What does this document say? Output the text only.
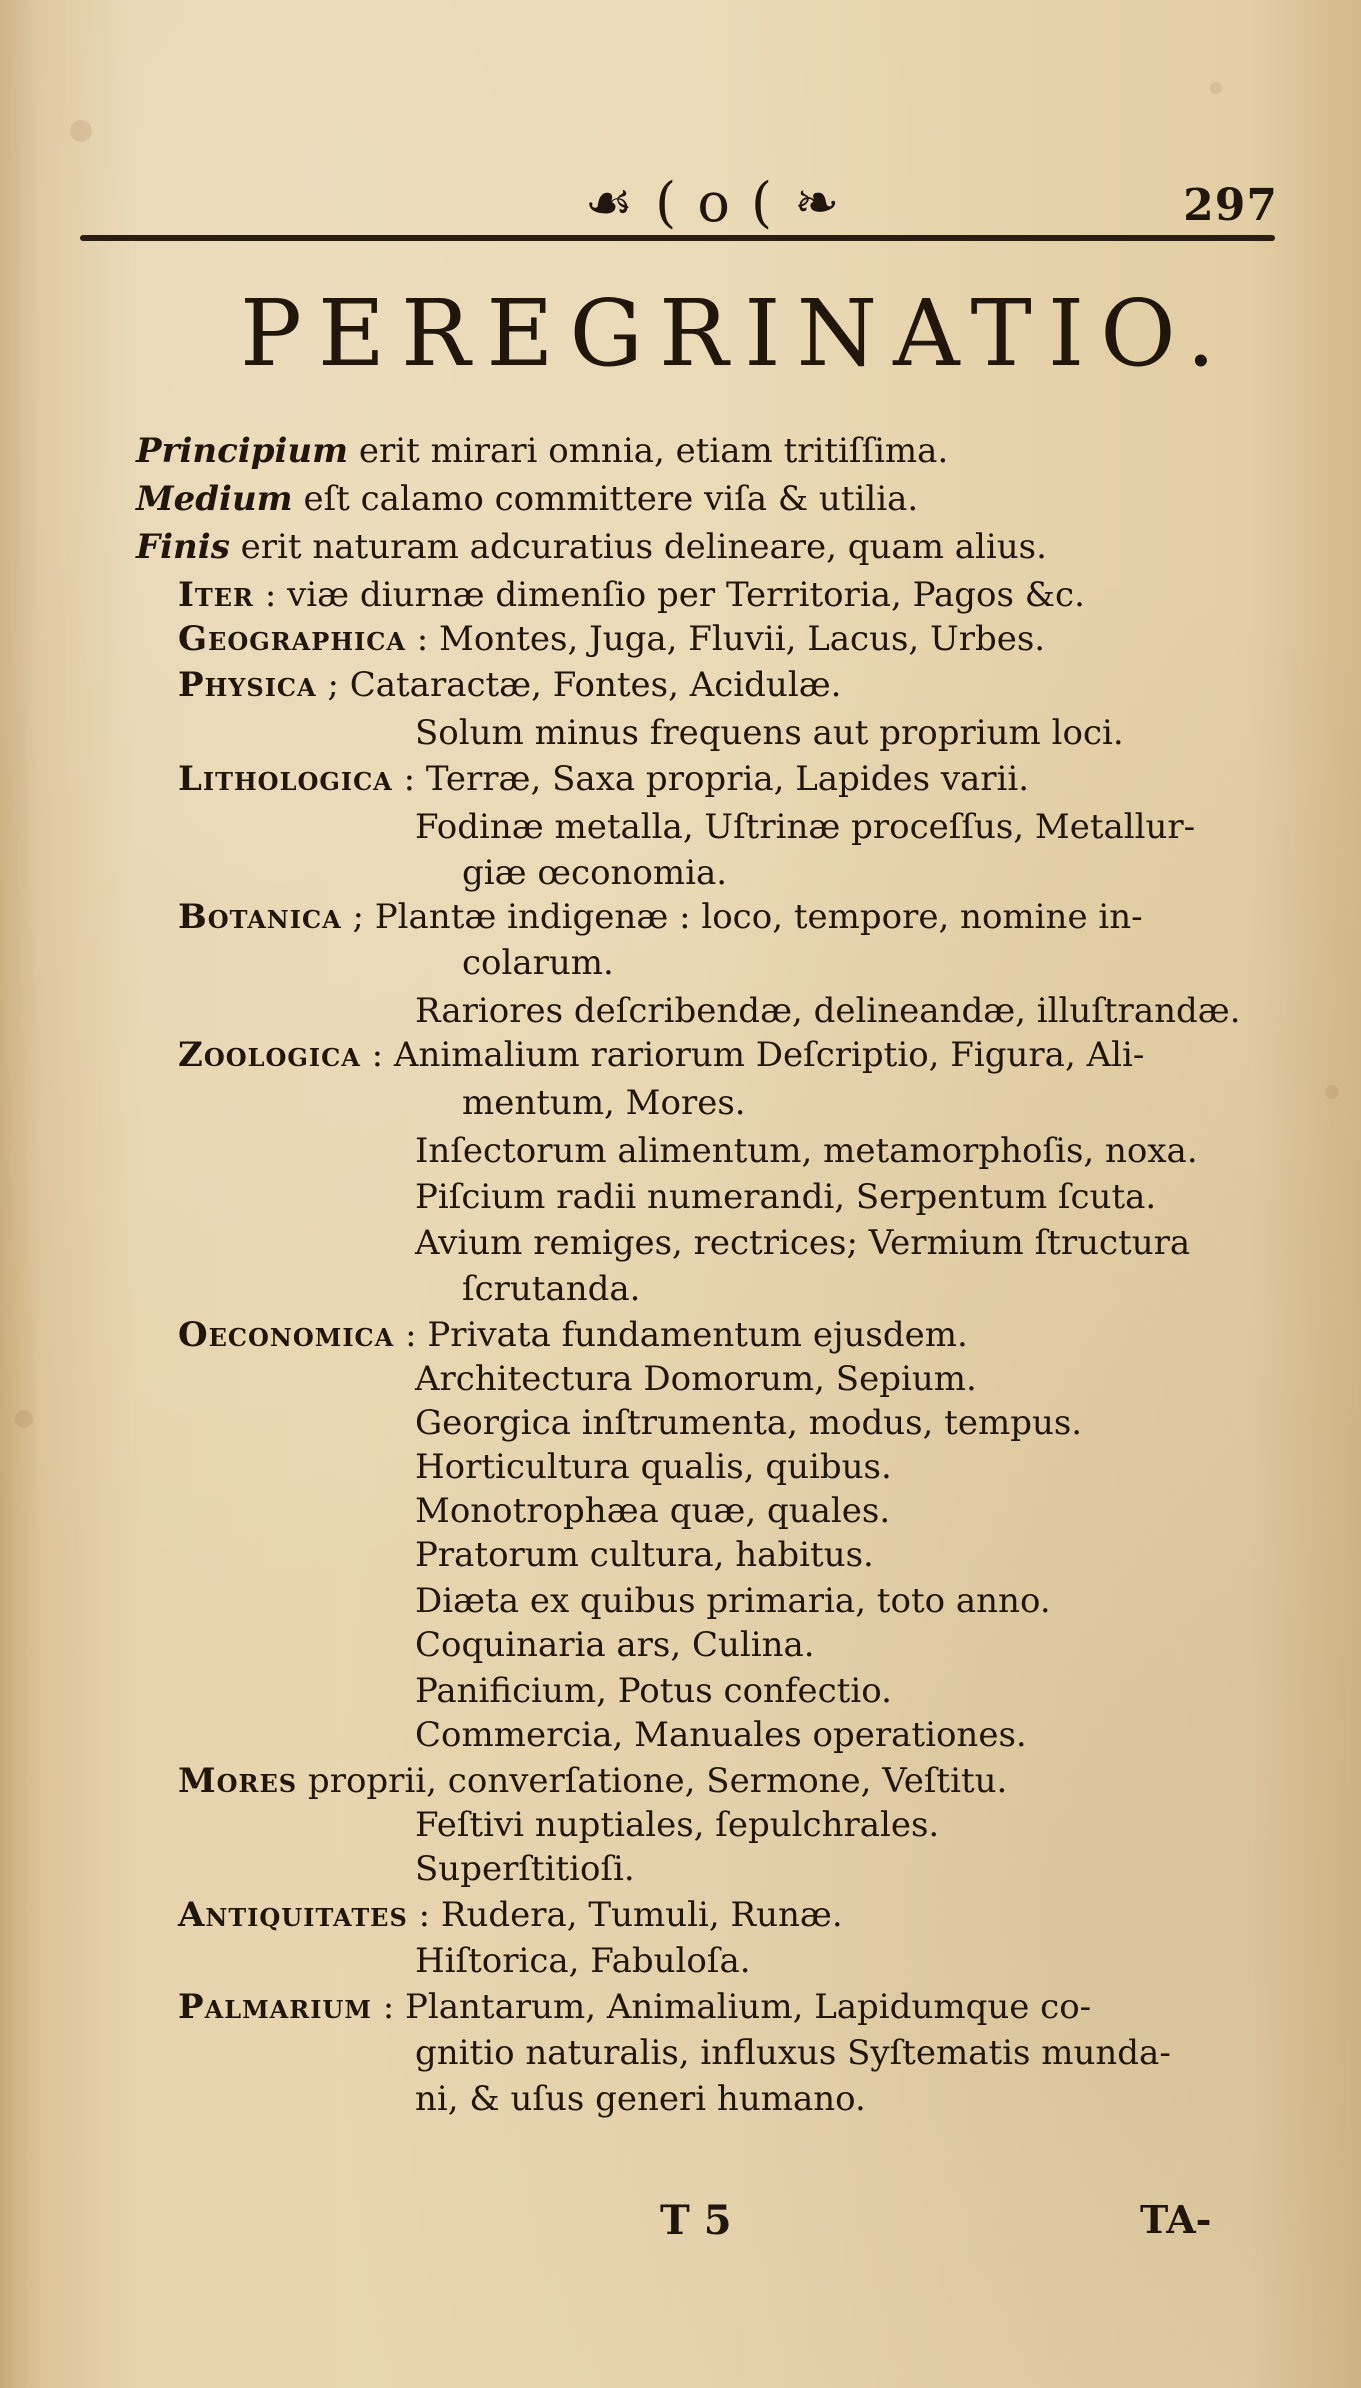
☙ ( o ( ❧	297
PEREGRINATIO.
Principium erit mirari omnia, etiam tritiſſima.
Medium eſt calamo committere viſa & utilia.
Finis erit naturam adcuratius delineare, quam alius.
Iter : viæ diurnæ dimenſio per Territoria, Pagos &c.
Geographica : Montes, Juga, Fluvii, Lacus, Urbes.
Physica ; Cataractæ, Fontes, Acidulæ.
Solum minus frequens aut proprium loci.
Lithologica : Terræ, Saxa propria, Lapides varii.
Fodinæ metalla, Uſtrinæ proceſſus, Metallur-
giæ œconomia.
Botanica ; Plantæ indigenæ : loco, tempore, nomine in-
colarum.
Rariores deſcribendæ, delineandæ, illuſtrandæ.
Zoologica : Animalium rariorum Deſcriptio, Figura, Ali-
mentum, Mores.
Inſectorum alimentum, metamorphoſis, noxa.
Piſcium radii numerandi, Serpentum ſcuta.
Avium remiges, rectrices; Vermium ſtructura
ſcrutanda.
Oeconomica : Privata fundamentum ejusdem.
Architectura Domorum, Sepium.
Georgica inſtrumenta, modus, tempus.
Horticultura qualis, quibus.
Monotrophæa quæ, quales.
Pratorum cultura, habitus.
Diæta ex quibus primaria, toto anno.
Coquinaria ars, Culina.
Panificium, Potus confectio.
Commercia, Manuales operationes.
Mores proprii, converſatione, Sermone, Veſtitu.
Feſtivi nuptiales, ſepulchrales.
Superſtitioſi.
Antiquitates : Rudera, Tumuli, Runæ.
Hiſtorica, Fabuloſa.
Palmarium : Plantarum, Animalium, Lapidumque co-
gnitio naturalis, influxus Syſtematis munda-
ni, & uſus generi humano.
T 5	TA-
